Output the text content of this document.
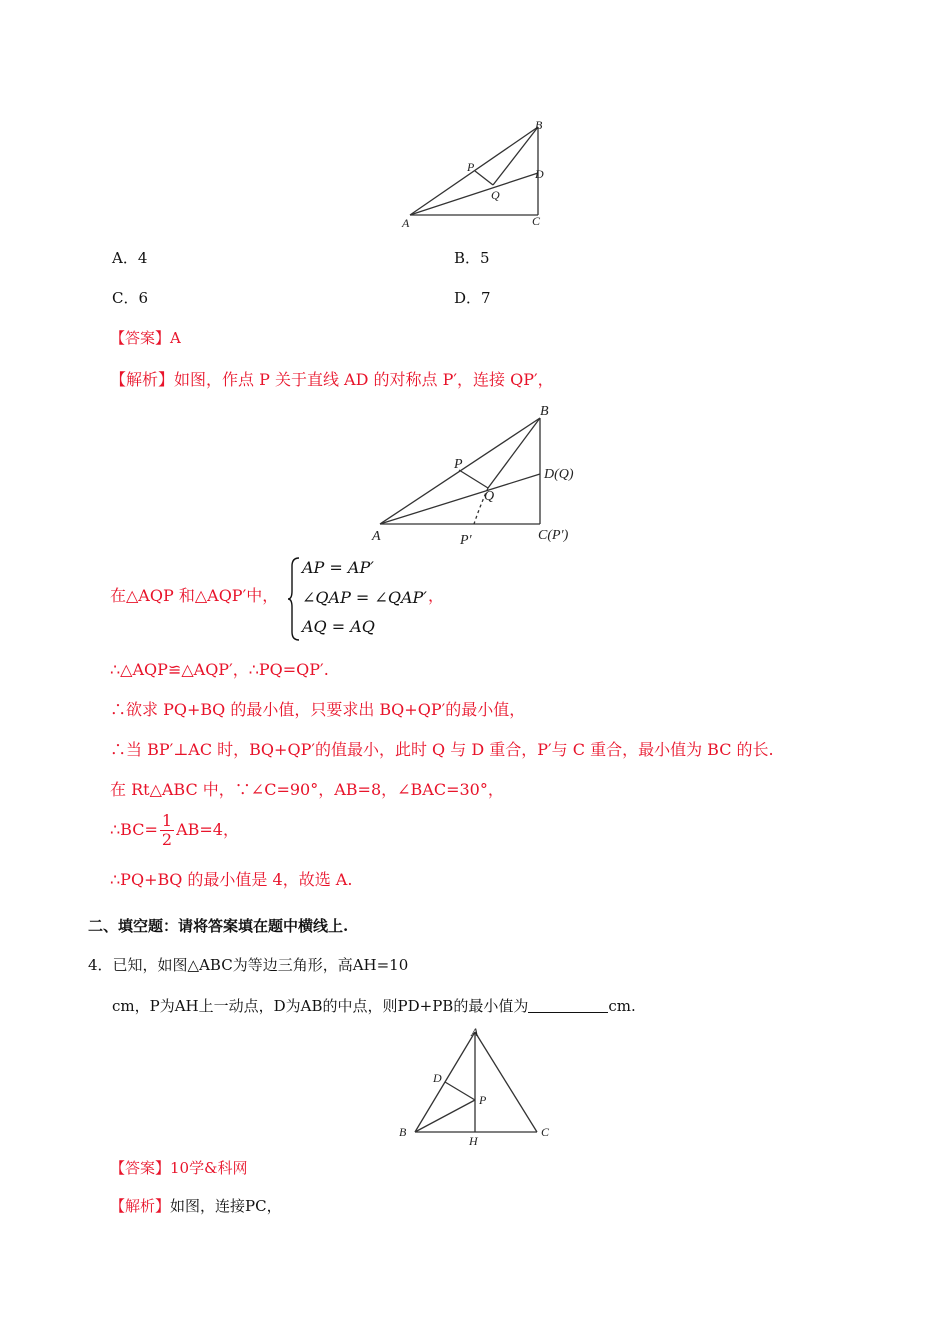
B
A	C
D
P
Q
A．4	B．5
C．6	D．7
【答案】A
【解析】如图，作点 P 关于直线 AD 的对称点 P′，连接 QP′，
B
A	C(P′)
D(Q)
P
Q
P′
在△AQP 和△AQP′中，
AP = AP′
∠QAP = ∠QAP′
AQ = AQ
，
∴△AQP≌△AQP′，∴PQ=QP′.
∴欲求 PQ+BQ 的最小值，只要求出 BQ+QP′的最小值，
∴当 BP′⊥AC 时，BQ+QP′的值最小，此时 Q 与 D 重合，P′与 C 重合，最小值为 BC 的长.
在 Rt△ABC 中，∵∠C=90°，AB=8，∠BAC=30°，
∴BC= $\frac{1}{2} AB=4$，
∴PQ+BQ 的最小值是 4，故选 A.
二、填空题：请将答案填在题中横线上.
4．已知，如图△ABC为等边三角形，高AH=10
cm，P为AH上一动点，D为AB的中点，则PD+PB的最小值为	cm.
A
B	C
D
H
P
【答案】10学&科网
【解析】如图，连接PC，
